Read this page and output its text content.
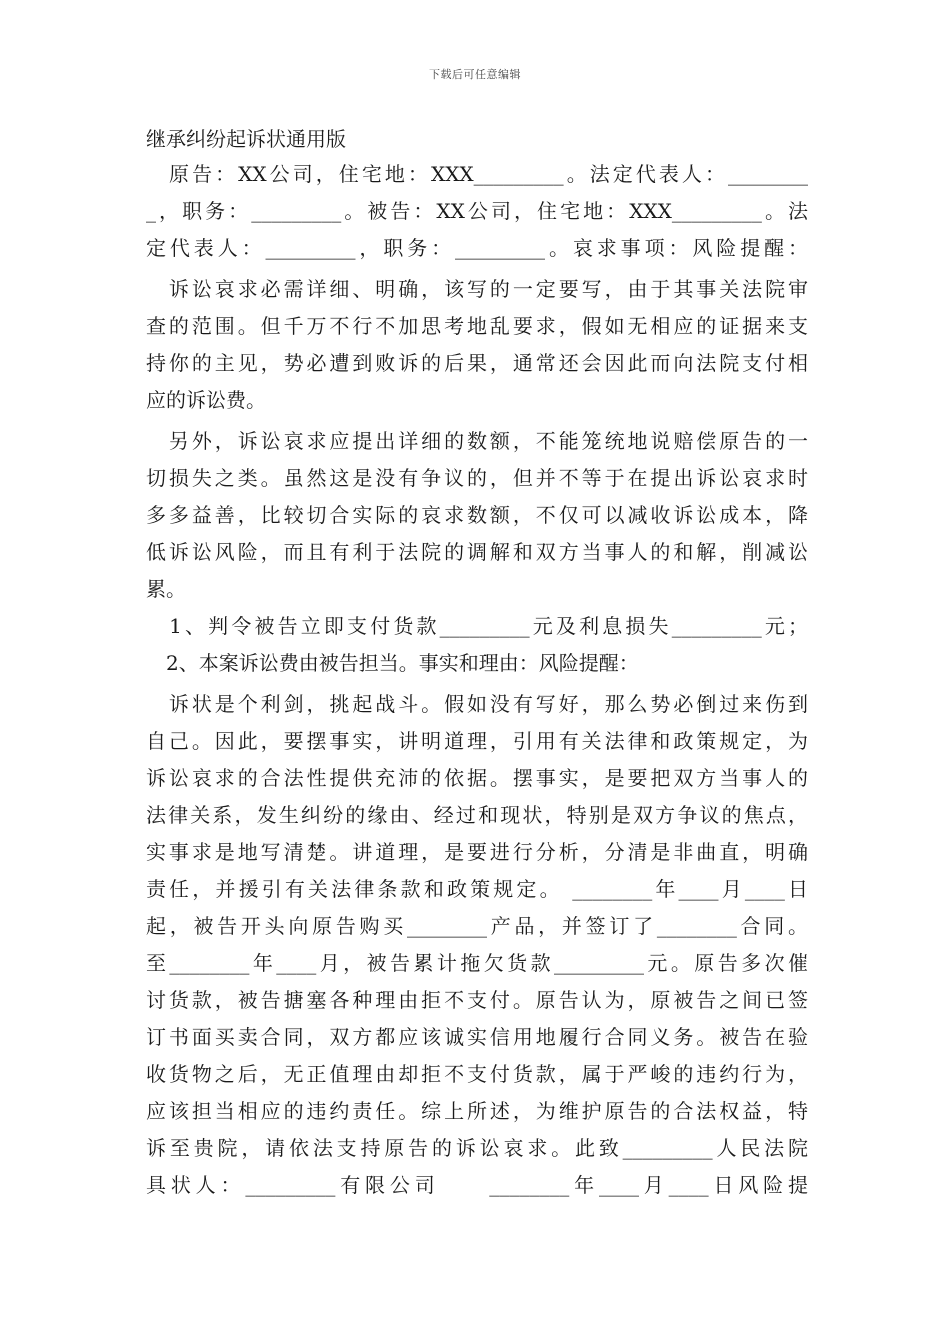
下载后可任意编辑
继承纠纷起诉状通用版
　原告：XX公司，住宅地：XXX_________。法定代表人：________
_，职务：_________。被告：XX公司，住宅地：XXX_________。法
定代表人：_________，职务：_________。哀求事项：风险提醒：
　诉讼哀求必需详细、明确，该写的一定要写，由于其事关法院审
查的范围。但千万不行不加思考地乱要求，假如无相应的证据来支
持你的主见，势必遭到败诉的后果，通常还会因此而向法院支付相
应的诉讼费。
　另外，诉讼哀求应提出详细的数额，不能笼统地说赔偿原告的一
切损失之类。虽然这是没有争议的，但并不等于在提出诉讼哀求时
多多益善，比较切合实际的哀求数额，不仅可以减收诉讼成本，降
低诉讼风险，而且有利于法院的调解和双方当事人的和解，削减讼
累。
　1、判令被告立即支付货款_________元及利息损失_________元；
　2、本案诉讼费由被告担当。事实和理由：风险提醒：
　诉状是个利剑，挑起战斗。假如没有写好，那么势必倒过来伤到
自己。因此，要摆事实，讲明道理，引用有关法律和政策规定，为
诉讼哀求的合法性提供充沛的依据。摆事实，是要把双方当事人的
法律关系，发生纠纷的缘由、经过和现状，特别是双方争议的焦点，
实事求是地写清楚。讲道理，是要进行分析，分清是非曲直，明确
责任，并援引有关法律条款和政策规定。 ________年____月____日
起，被告开头向原告购买________产品，并签订了________合同。
至________年____月，被告累计拖欠货款_________元。原告多次催
讨货款，被告搪塞各种理由拒不支付。原告认为，原被告之间已签
订书面买卖合同，双方都应该诚实信用地履行合同义务。被告在验
收货物之后，无正值理由却拒不支付货款，属于严峻的违约行为，
应该担当相应的违约责任。综上所述，为维护原告的合法权益，特
诉至贵院，请依法支持原告的诉讼哀求。此致_________人民法院
具状人：_________有限公司　　________年____月____日风险提
